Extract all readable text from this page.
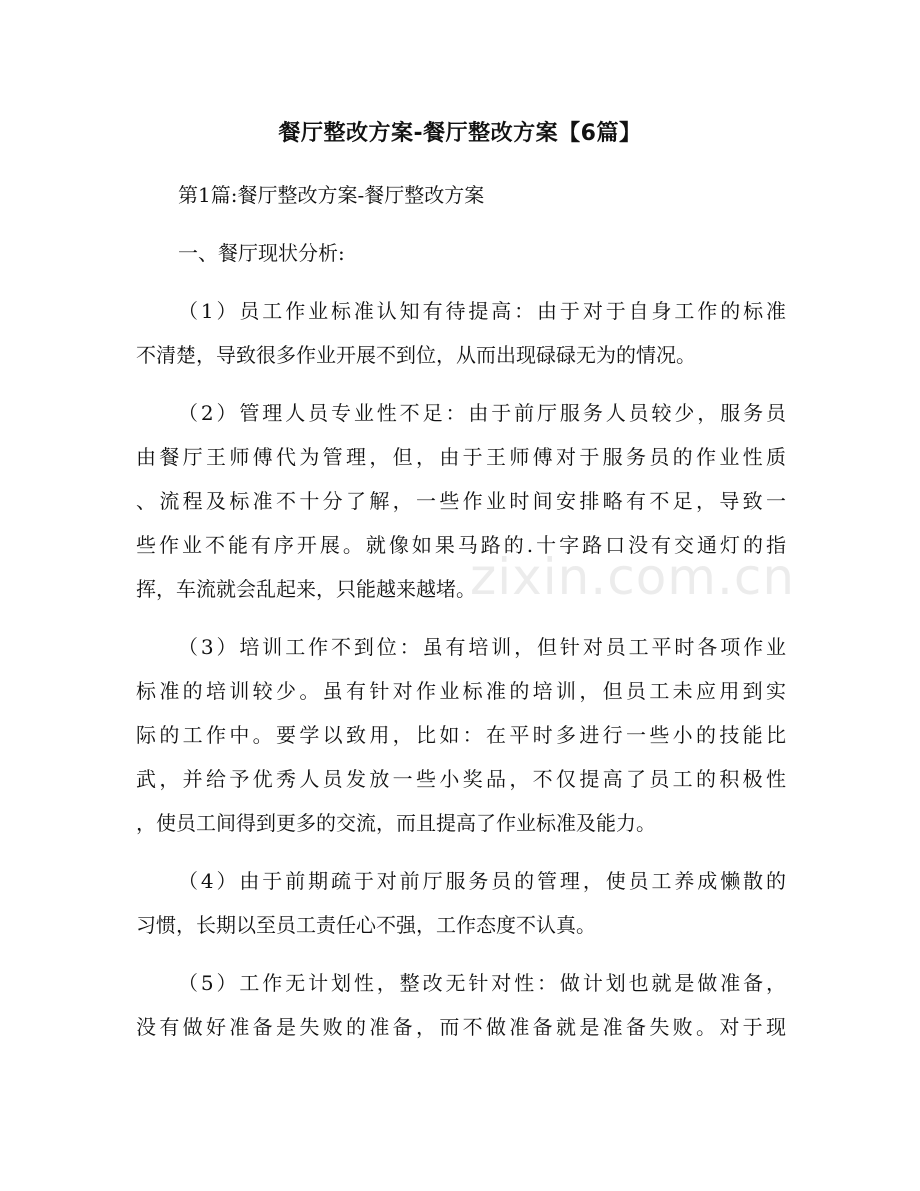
zixin.com.cn
餐厅整改方案-餐厅整改方案【6篇】

第1篇:餐厅整改方案-餐厅整改方案

一、餐厅现状分析:

（1）员工作业标准认知有待提高：由于对于自身工作的标准

不清楚，导致很多作业开展不到位，从而出现碌碌无为的情况。

（2）管理人员专业性不足：由于前厅服务人员较少，服务员

由餐厅王师傅代为管理，但，由于王师傅对于服务员的作业性质

、流程及标准不十分了解，一些作业时间安排略有不足，导致一

些作业不能有序开展。就像如果马路的.十字路口没有交通灯的指

挥，车流就会乱起来，只能越来越堵。

（3）培训工作不到位：虽有培训，但针对员工平时各项作业

标准的培训较少。虽有针对作业标准的培训，但员工未应用到实

际的工作中。要学以致用，比如：在平时多进行一些小的技能比

武，并给予优秀人员发放一些小奖品，不仅提高了员工的积极性

，使员工间得到更多的交流，而且提高了作业标准及能力。

（4）由于前期疏于对前厅服务员的管理，使员工养成懒散的

习惯，长期以至员工责任心不强，工作态度不认真。

（5）工作无计划性，整改无针对性：做计划也就是做准备，

没有做好准备是失败的准备，而不做准备就是准备失败。对于现
